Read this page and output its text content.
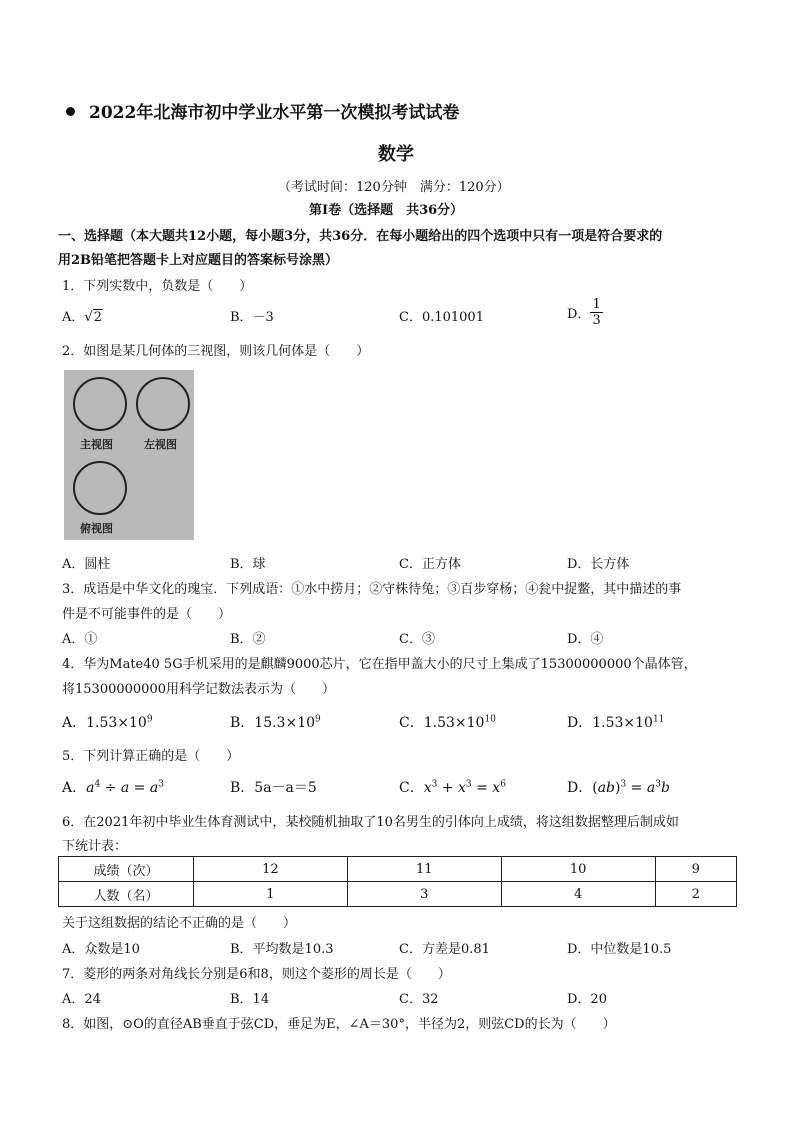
2022年北海市初中学业水平第一次模拟考试试卷
数学
（考试时间：120分钟　满分：120分）
第Ⅰ卷（选择题　共36分）
一、选择题（本大题共12小题，每小题3分，共36分．在每小题给出的四个选项中只有一项是符合要求的
用2B铅笔把答题卡上对应题目的答案标号涂黑）
1．下列实数中，负数是（　　）
A．√2	B．－3	C．0.101001	D． $\frac{1}{3}$
2．如图是某几何体的三视图，则该几何体是（　　）
主视图	左视图
俯视图
A．圆柱	B．球	C．正方体	D．长方体
3．成语是中华文化的瑰宝．下列成语：①水中捞月；②守株待兔；③百步穿杨；④瓮中捉鳖，其中描述的事
件是不可能事件的是（　　）
A．①	B．②	C．③	D．④
4．华为Mate40 5G手机采用的是麒麟9000芯片，它在指甲盖大小的尺寸上集成了15300000000个晶体管，
将15300000000用科学记数法表示为（　　）
A．$1.53\times 10^9$	B．$15.3\times 10^9$	C．$1.53\times 10^{10}$	D．$1.53\times 10^{11}$
5．下列计算正确的是（　　）
A．$a^4 \div a = a^3$	B．5a－a＝5	C．$x^3 + x^3 = x^6$	D．$(ab)^3 = a^3b$
6．在2021年初中毕业生体育测试中，某校随机抽取了10名男生的引体向上成绩，将这组数据整理后制成如
下统计表：
成绩（次）	12	11	10	9
人数（名）	1	3	4	2
关于这组数据的结论不正确的是（　　）
A．众数是10	B．平均数是10.3	C．方差是0.81	D．中位数是10.5
7．菱形的两条对角线长分别是6和8，则这个菱形的周长是（　　）
A．24	B．14	C．32	D．20
8．如图，⊙O的直径AB垂直于弦CD，垂足为E，∠A＝30°，半径为2，则弦CD的长为（　　）
